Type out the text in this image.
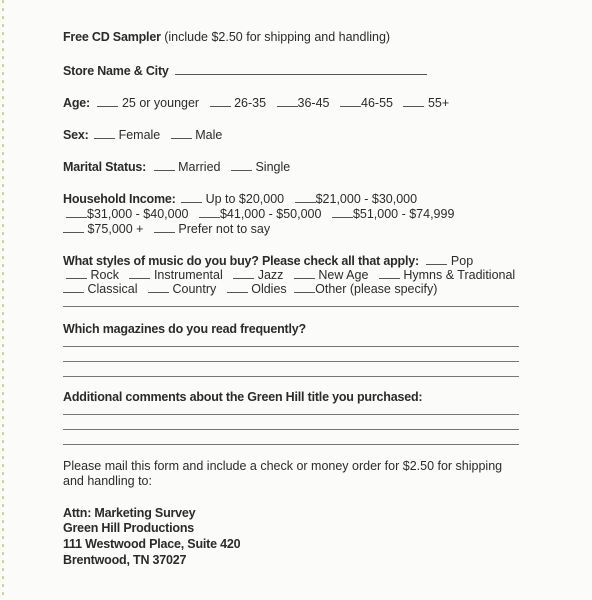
Free CD Sampler (include $2.50 for shipping and handling)
Store Name & City
Age:	25 or younger	26-35	36-45	46-55	55+
Sex: Female	Male
Marital Status:	Married	Single
Household Income: Up to $20,000	$21,000 - $30,000
$31,000 - $40,000	$41,000 - $50,000	$51,000 - $74,999
$75,000 +	Prefer not to say
What styles of music do you buy? Please check all that apply:	Pop
Rock	Instrumental	Jazz	New Age	Hymns & Traditional
Classical	Country	Oldies Other (please specify)
Which magazines do you read frequently?
Additional comments about the Green Hill title you purchased:
Please mail this form and include a check or money order for $2.50 for shipping
and handling to:
Attn: Marketing Survey
Green Hill Productions
111 Westwood Place, Suite 420
Brentwood, TN 37027
